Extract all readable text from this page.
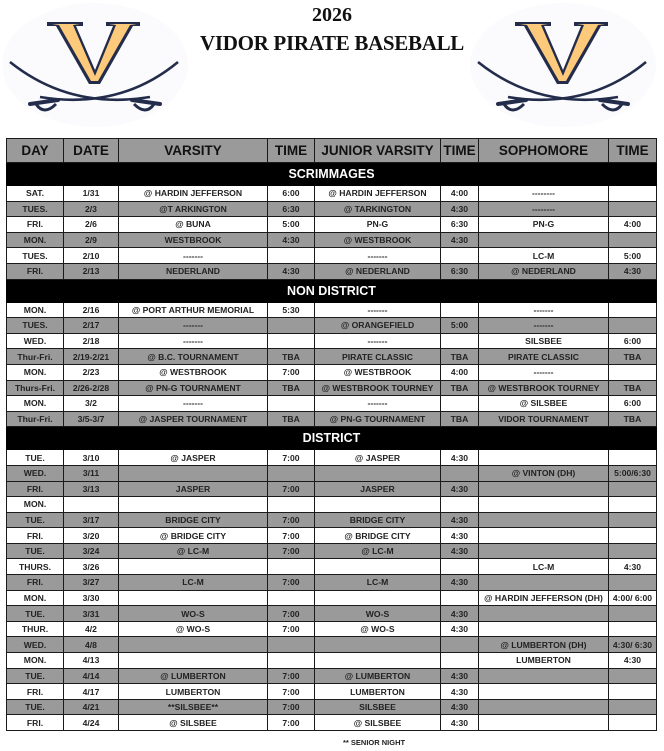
2026
VIDOR PIRATE BASEBALL
DAY	DATE	VARSITY	TIME	JUNIOR VARSITY	TIME	SOPHOMORE	TIME
SCRIMMAGES							
SAT.	1/31	@ HARDIN JEFFERSON	6:00	@ HARDIN JEFFERSON	4:00	--------	
TUES.	2/3	@T ARKINGTON	6:30	@ TARKINGTON	4:30	--------	
FRI.	2/6	@ BUNA	5:00	PN-G	6:30	PN-G	4:00
MON.	2/9	WESTBROOK	4:30	@ WESTBROOK	4:30		
TUES.	2/10	-------		-------		LC-M	5:00
FRI.	2/13	NEDERLAND	4:30	@ NEDERLAND	6:30	@ NEDERLAND	4:30
NON DISTRICT							
MON.	2/16	@ PORT ARTHUR MEMORIAL	5:30	-------		-------	
TUES.	2/17	-------		@ ORANGEFIELD	5:00	-------	
WED.	2/18	-------		-------		SILSBEE	6:00
Thur-Fri.	2/19-2/21	@ B.C. TOURNAMENT	TBA	PIRATE CLASSIC	TBA	PIRATE CLASSIC	TBA
MON.	2/23	@ WESTBROOK	7:00	@ WESTBROOK	4:00	-------	
Thurs-Fri.	2/26-2/28	@ PN-G TOURNAMENT	TBA	@ WESTBROOK TOURNEY	TBA	@ WESTBROOK TOURNEY	TBA
MON.	3/2	-------		-------		@ SILSBEE	6:00
Thur-Fri.	3/5-3/7	@ JASPER TOURNAMENT	TBA	@ PN-G TOURNAMENT	TBA	VIDOR TOURNAMENT	TBA
DISTRICT							
TUE.	3/10	@ JASPER	7:00	@ JASPER	4:30		
WED.	3/11					@ VINTON (DH)	5:00/6:30
FRI.	3/13	JASPER	7:00	JASPER	4:30		
MON.							
TUE.	3/17	BRIDGE CITY	7:00	BRIDGE CITY	4:30		
FRI.	3/20	@ BRIDGE CITY	7:00	@ BRIDGE CITY	4:30		
TUE.	3/24	@ LC-M	7:00	@ LC-M	4:30		
THURS.	3/26					LC-M	4:30
FRI.	3/27	LC-M	7:00	LC-M	4:30		
MON.	3/30					@ HARDIN JEFFERSON (DH)	4:00/ 6:00
TUE.	3/31	WO-S	7:00	WO-S	4:30		
THUR.	4/2	@ WO-S	7:00	@ WO-S	4:30		
WED.	4/8					@ LUMBERTON (DH)	4:30/ 6:30
MON.	4/13					LUMBERTON	4:30
TUE.	4/14	@ LUMBERTON	7:00	@ LUMBERTON	4:30		
FRI.	4/17	LUMBERTON	7:00	LUMBERTON	4:30		
TUE.	4/21	**SILSBEE**	7:00	SILSBEE	4:30		
FRI.	4/24	@ SILSBEE	7:00	@ SILSBEE	4:30		
** SENIOR NIGHT
